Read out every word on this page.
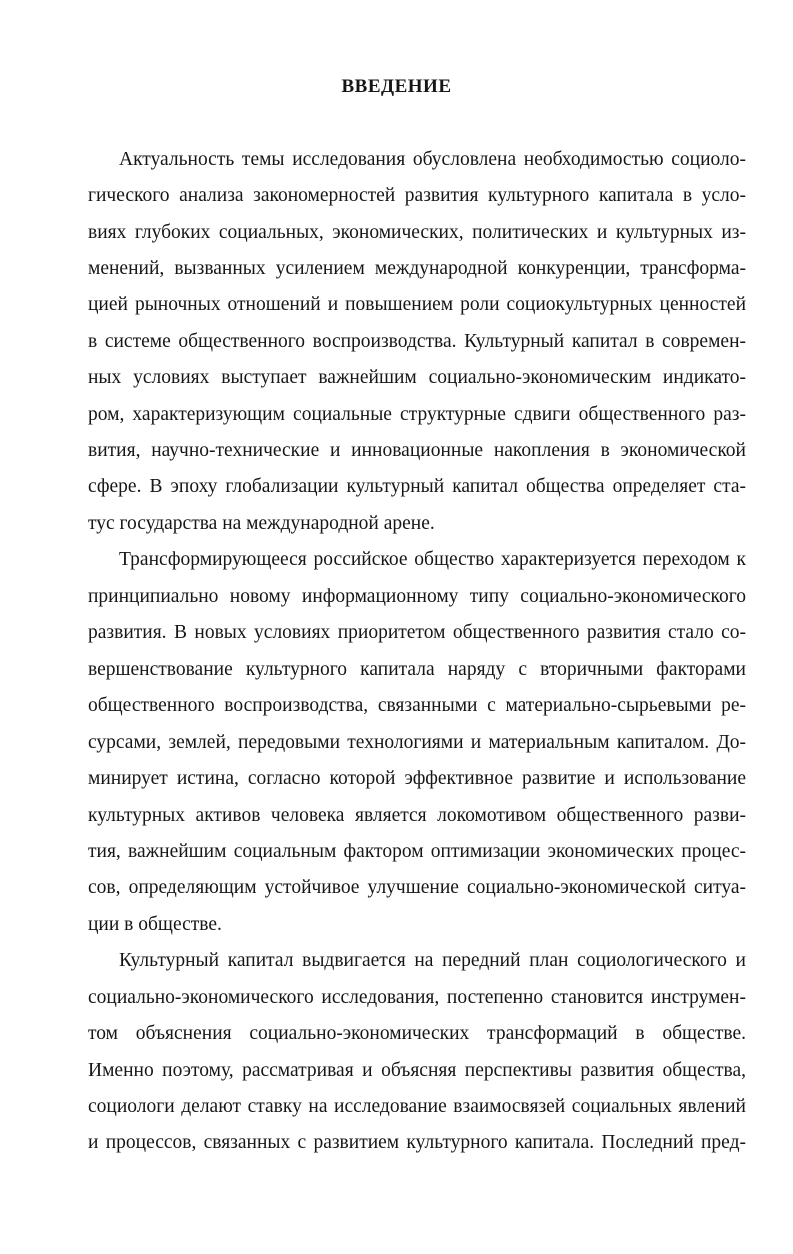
ВВЕДЕНИЕ
Актуальность темы исследования обусловлена необходимостью социоло-
гического анализа закономерностей развития культурного капитала в усло-
виях глубоких социальных, экономических, политических и культурных из-
менений, вызванных усилением международной конкуренции, трансформа-
цией рыночных отношений и повышением роли социокультурных ценностей
в системе общественного воспроизводства. Культурный капитал в современ-
ных условиях выступает важнейшим социально-экономическим индикато-
ром, характеризующим социальные структурные сдвиги общественного раз-
вития, научно-технические и инновационные накопления в экономической
сфере. В эпоху глобализации культурный капитал общества определяет ста-
тус государства на международной арене.
Трансформирующееся российское общество характеризуется переходом к
принципиально новому информационному типу социально-экономического
развития. В новых условиях приоритетом общественного развития стало со-
вершенствование культурного капитала наряду с вторичными факторами
общественного воспроизводства, связанными с материально-сырьевыми ре-
сурсами, землей, передовыми технологиями и материальным капиталом. До-
минирует истина, согласно которой эффективное развитие и использование
культурных активов человека является локомотивом общественного разви-
тия, важнейшим социальным фактором оптимизации экономических процес-
сов, определяющим устойчивое улучшение социально-экономической ситуа-
ции в обществе.
Культурный капитал выдвигается на передний план социологического и
социально-экономического исследования, постепенно становится инструмен-
том объяснения социально-экономических трансформаций в обществе.
Именно поэтому, рассматривая и объясняя перспективы развития общества,
социологи делают ставку на исследование взаимосвязей социальных явлений
и процессов, связанных с развитием культурного капитала. Последний пред-
